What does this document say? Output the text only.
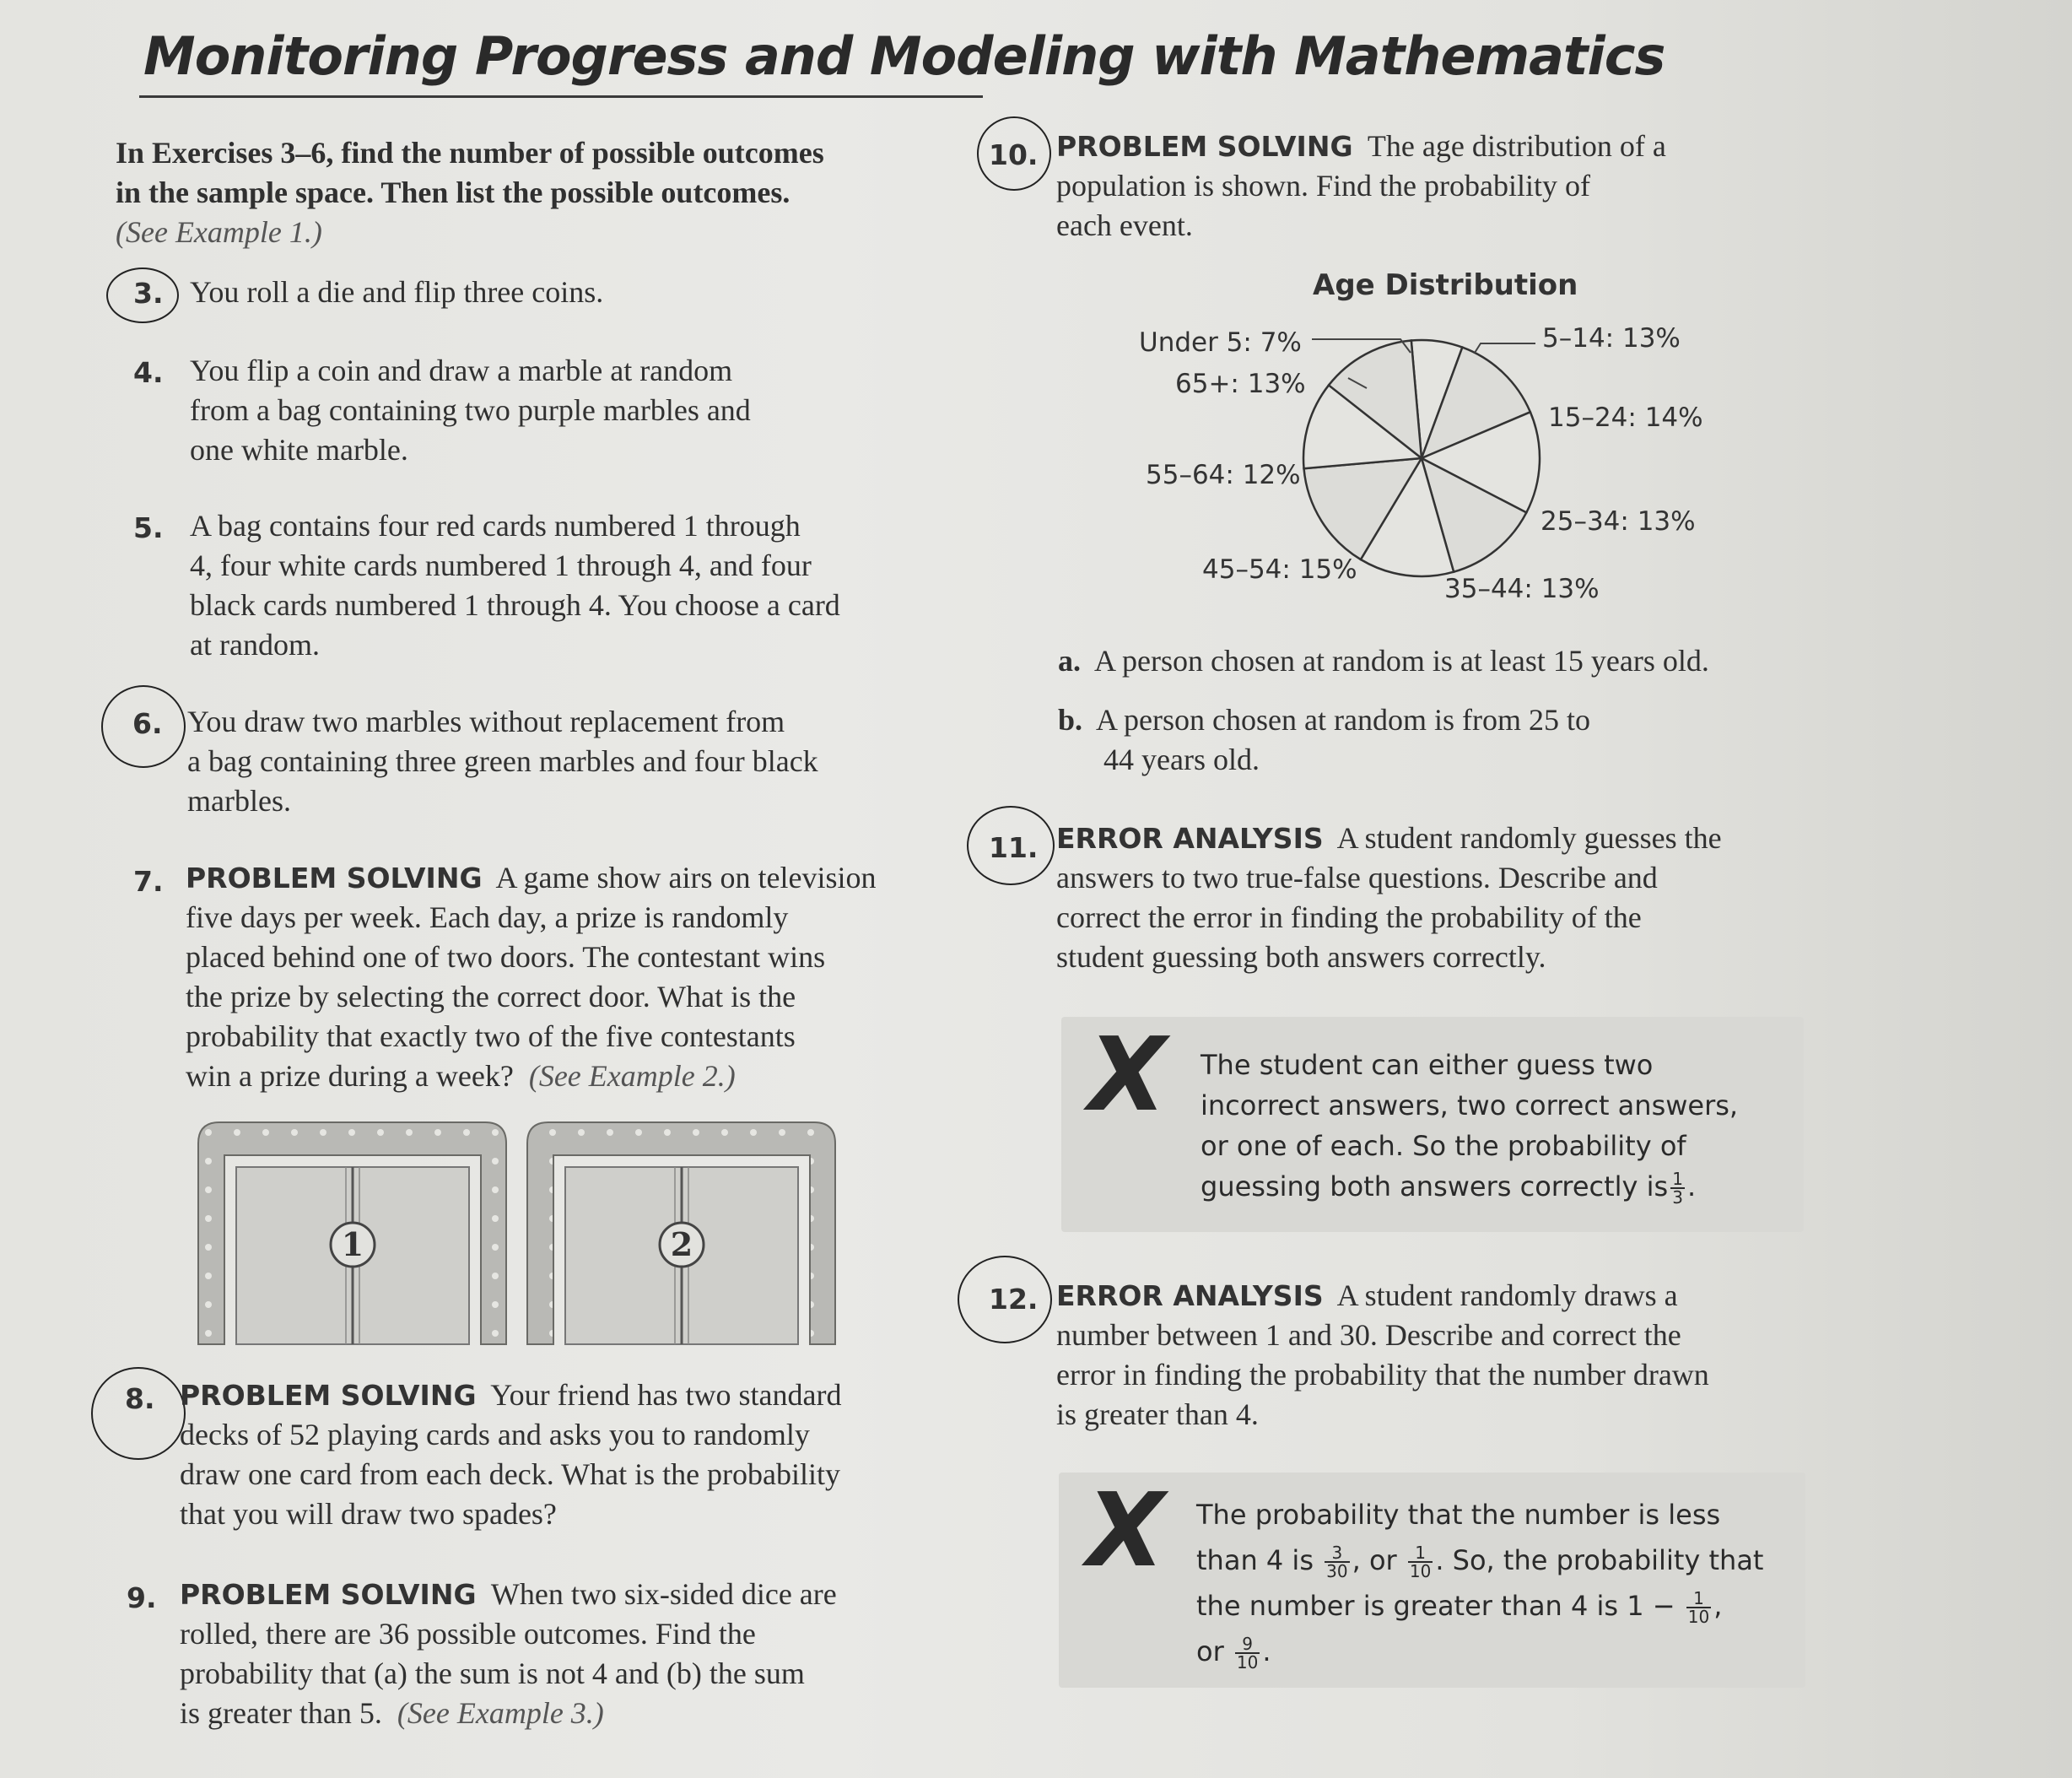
Monitoring Progress and Modeling with Mathematics
In Exercises 3–6, find the number of possible outcomes
in the sample space. Then list the possible outcomes.
(See Example 1.)
3. You roll a die and flip three coins.
4. You flip a coin and draw a marble at random
from a bag containing two purple marbles and
one white marble.
5. A bag contains four red cards numbered 1 through
4, four white cards numbered 1 through 4, and four
black cards numbered 1 through 4. You choose a card
at random.
6. You draw two marbles without replacement from
a bag containing three green marbles and four black
marbles.
7. PROBLEM SOLVING A game show airs on television
five days per week. Each day, a prize is randomly
placed behind one of two doors. The contestant wins
the prize by selecting the correct door. What is the
probability that exactly two of the five contestants
win a prize during a week? (See Example 2.)
1	2
8. PROBLEM SOLVING Your friend has two standard
decks of 52 playing cards and asks you to randomly
draw one card from each deck. What is the probability
that you will draw two spades?
9. PROBLEM SOLVING When two six-sided dice are
rolled, there are 36 possible outcomes. Find the
probability that (a) the sum is not 4 and (b) the sum
is greater than 5. (See Example 3.)
10. PROBLEM SOLVING The age distribution of a
population is shown. Find the probability of
each event.
Age Distribution
Under 5: 7%	5–14: 13%
15–24: 14%
25–34: 13%
35–44: 13%
45–54: 15%
55–64: 12%
65+: 13%
a. A person chosen at random is at least 15 years old.
b. A person chosen at random is from 25 to
44 years old.
11. ERROR ANALYSIS A student randomly guesses the
answers to two true-false questions. Describe and
correct the error in finding the probability of the
student guessing both answers correctly.
X The student can either guess two
incorrect answers, two correct answers,
or one of each. So the probability of
guessing both answers correctly is $\frac{1}{3}$ .
12. ERROR ANALYSIS A student randomly draws a
number between 1 and 30. Describe and correct the
error in finding the probability that the number drawn
is greater than 4.
X The probability that the number is less
than 4 is $\frac{3}{30}$ , or $\frac{1}{10}$ . So, the probability that
the number is greater than 4 is $1 - \frac{1}{10}$ ,
or $\frac{9}{10}$ .
